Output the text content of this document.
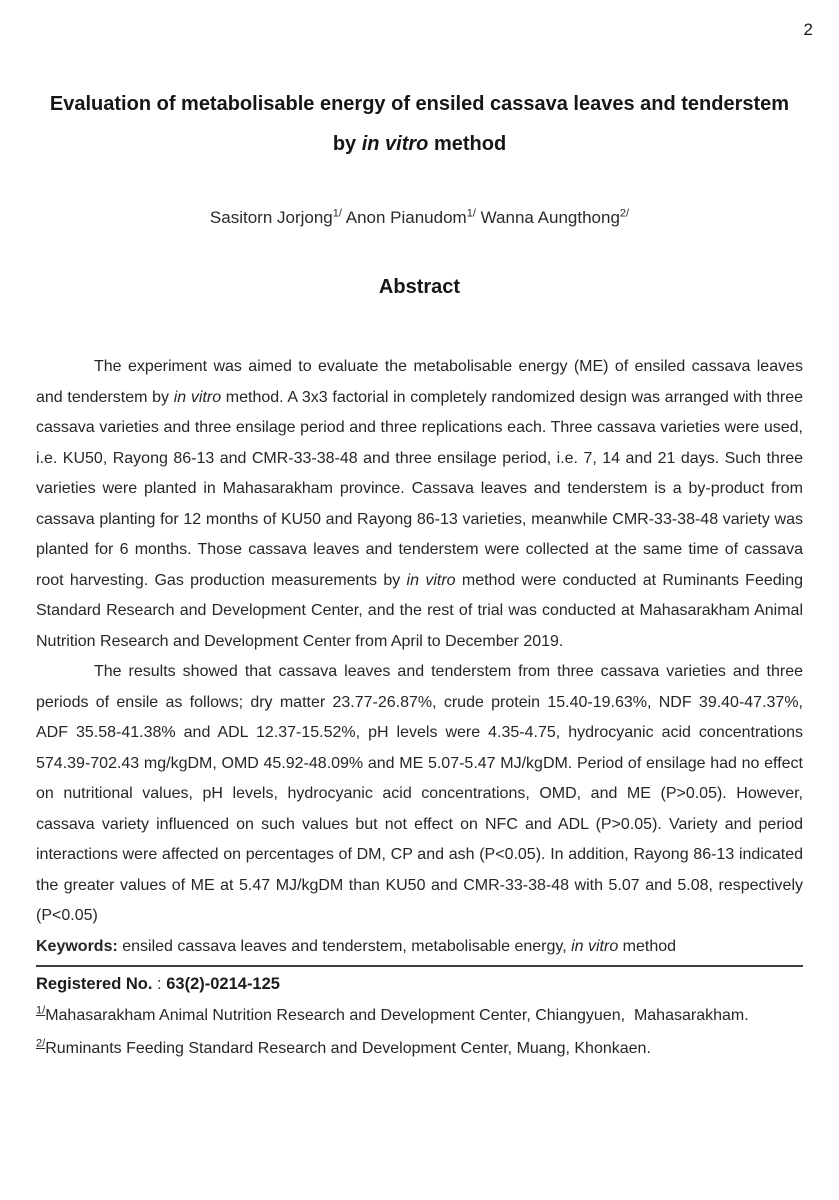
2
Evaluation of metabolisable energy of ensiled cassava leaves and tenderstem
by in vitro method
Sasitorn Jorjong$^{1/}$ Anon Pianudom$^{1/}$ Wanna Aungthong$^{2/}$
Abstract

The experiment was aimed to evaluate the metabolisable energy (ME) of ensiled cassava leaves and tenderstem by in vitro method. A 3x3 factorial in completely randomized design was arranged with three cassava varieties and three ensilage period and three replications each. Three cassava varieties were used, i.e. KU50, Rayong 86-13 and CMR-33-38-48 and three ensilage period, i.e. 7, 14 and 21 days. Such three varieties were planted in Mahasarakham province. Cassava leaves and tenderstem is a by-product from cassava planting for 12 months of KU50 and Rayong 86-13 varieties, meanwhile CMR-33-38-48 variety was planted for 6 months. Those cassava leaves and tenderstem were collected at the same time of cassava root harvesting. Gas production measurements by in vitro method were conducted at Ruminants Feeding Standard Research and Development Center, and the rest of trial was conducted at Mahasarakham Animal Nutrition Research and Development Center from April to December 2019.

The results showed that cassava leaves and tenderstem from three cassava varieties and three periods of ensile as follows; dry matter 23.77-26.87%, crude protein 15.40-19.63%, NDF 39.40-47.37%, ADF 35.58-41.38% and ADL 12.37-15.52%, pH levels were 4.35-4.75, hydrocyanic acid concentrations 574.39-702.43 mg/kgDM, OMD 45.92-48.09% and ME 5.07-5.47 MJ/kgDM. Period of ensilage had no effect on nutritional values, pH levels, hydrocyanic acid concentrations, OMD, and ME (P>0.05). However, cassava variety influenced on such values but not effect on NFC and ADL (P>0.05). Variety and period interactions were affected on percentages of DM, CP and ash (P<0.05). In addition, Rayong 86-13 indicated the greater values of ME at 5.47 MJ/kgDM than KU50 and CMR-33-38-48 with 5.07 and 5.08, respectively (P<0.05)

Keywords: ensiled cassava leaves and tenderstem, metabolisable energy, in vitro method

Registered No. : 63(2)-0214-125

$^{1/}$Mahasarakham Animal Nutrition Research and Development Center, Chiangyuen,  Mahasarakham.

$^{2/}$Ruminants Feeding Standard Research and Development Center, Muang, Khonkaen.
